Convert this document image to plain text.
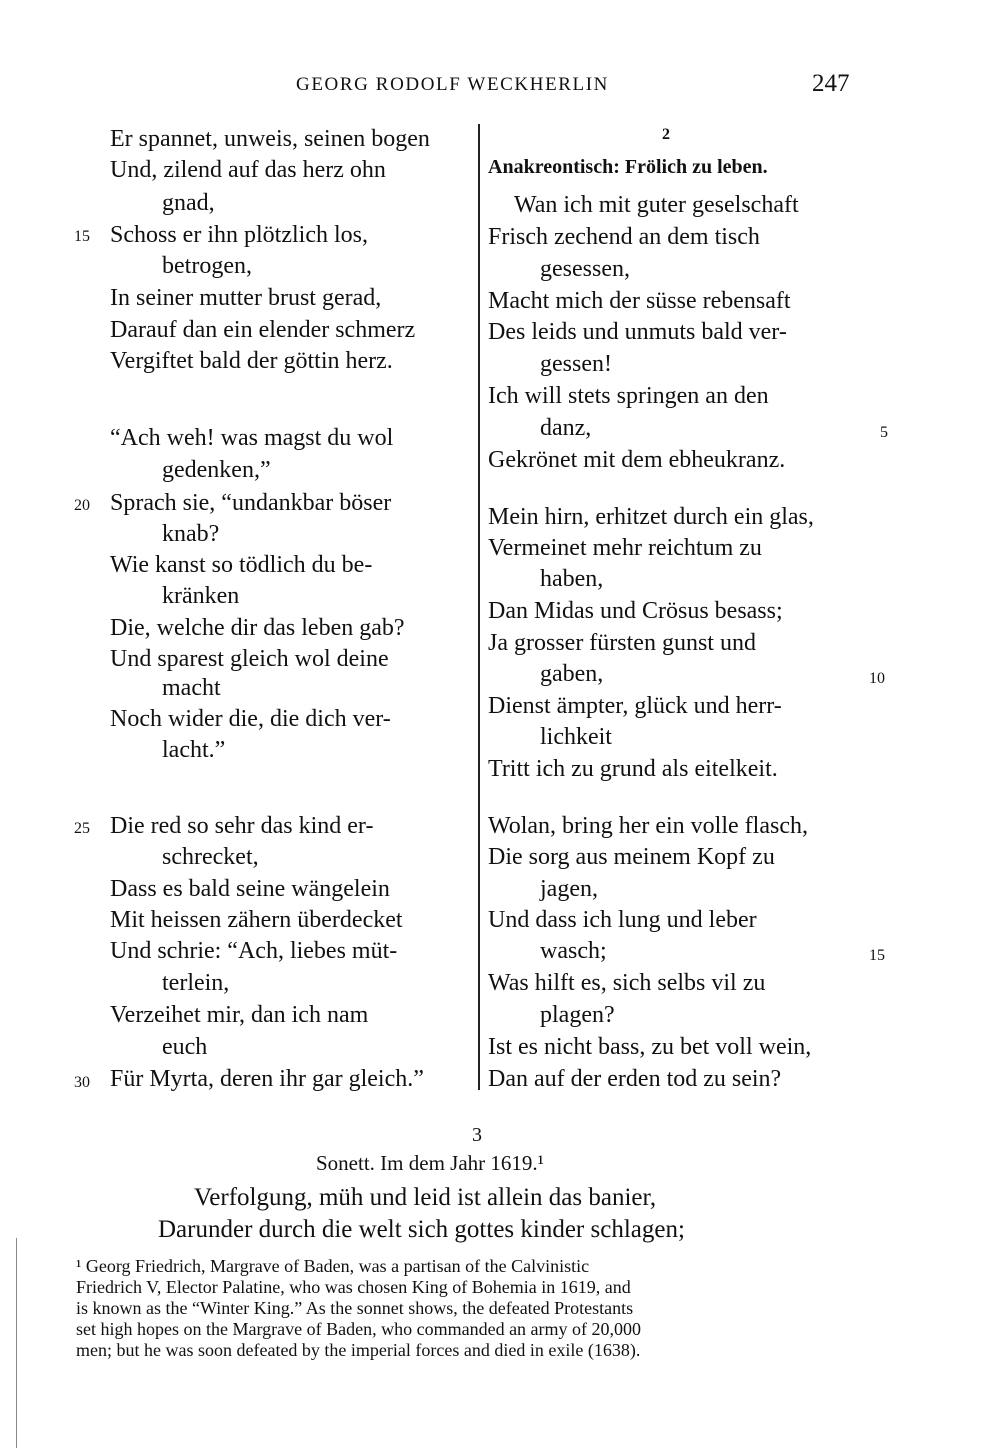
GEORG RODOLF WECKHERLIN	247
Er spannet, unweis, seinen bogen
Und, zilend auf das herz ohn
gnad,
15 Schoss er ihn plötzlich los,
betrogen,
In seiner mutter brust gerad,
Darauf dan ein elender schmerz
Vergiftet bald der göttin herz.
“Ach weh! was magst du wol
gedenken,”
20 Sprach sie, “undankbar böser
knab?
Wie kanst so tödlich du be-
kränken
Die, welche dir das leben gab?
Und sparest gleich wol deine
macht
Noch wider die, die dich ver-
lacht.”
25 Die red so sehr das kind er-
schrecket,
Dass es bald seine wängelein
Mit heissen zähern überdecket
Und schrie: “Ach, liebes müt-
terlein,
Verzeihet mir, dan ich nam
euch
30 Für Myrta, deren ihr gar gleich.”
2
Anakreontisch: Frölich zu leben.
Wan ich mit guter geselschaft
Frisch zechend an dem tisch
gesessen,
Macht mich der süsse rebensaft
Des leids und unmuts bald ver-
gessen!
Ich will stets springen an den
danz,	5
Gekrönet mit dem ebheukranz.
Mein hirn, erhitzet durch ein glas,
Vermeinet mehr reichtum zu
haben,
Dan Midas und Crösus besass;
Ja grosser fürsten gunst und
gaben,	10
Dienst ämpter, glück und herr-
lichkeit
Tritt ich zu grund als eitelkeit.
Wolan, bring her ein volle flasch,
Die sorg aus meinem Kopf zu
jagen,
Und dass ich lung und leber
wasch;	15
Was hilft es, sich selbs vil zu
plagen?
Ist es nicht bass, zu bet voll wein,
Dan auf der erden tod zu sein?
3
Sonett. Im dem Jahr 1619.¹
Verfolgung, müh und leid ist allein das banier,
Darunder durch die welt sich gottes kinder schlagen;
¹ Georg Friedrich, Margrave of Baden, was a partisan of the Calvinistic
Friedrich V, Elector Palatine, who was chosen King of Bohemia in 1619, and
is known as the “Winter King.” As the sonnet shows, the defeated Protestants
set high hopes on the Margrave of Baden, who commanded an army of 20,000
men; but he was soon defeated by the imperial forces and died in exile (1638).
